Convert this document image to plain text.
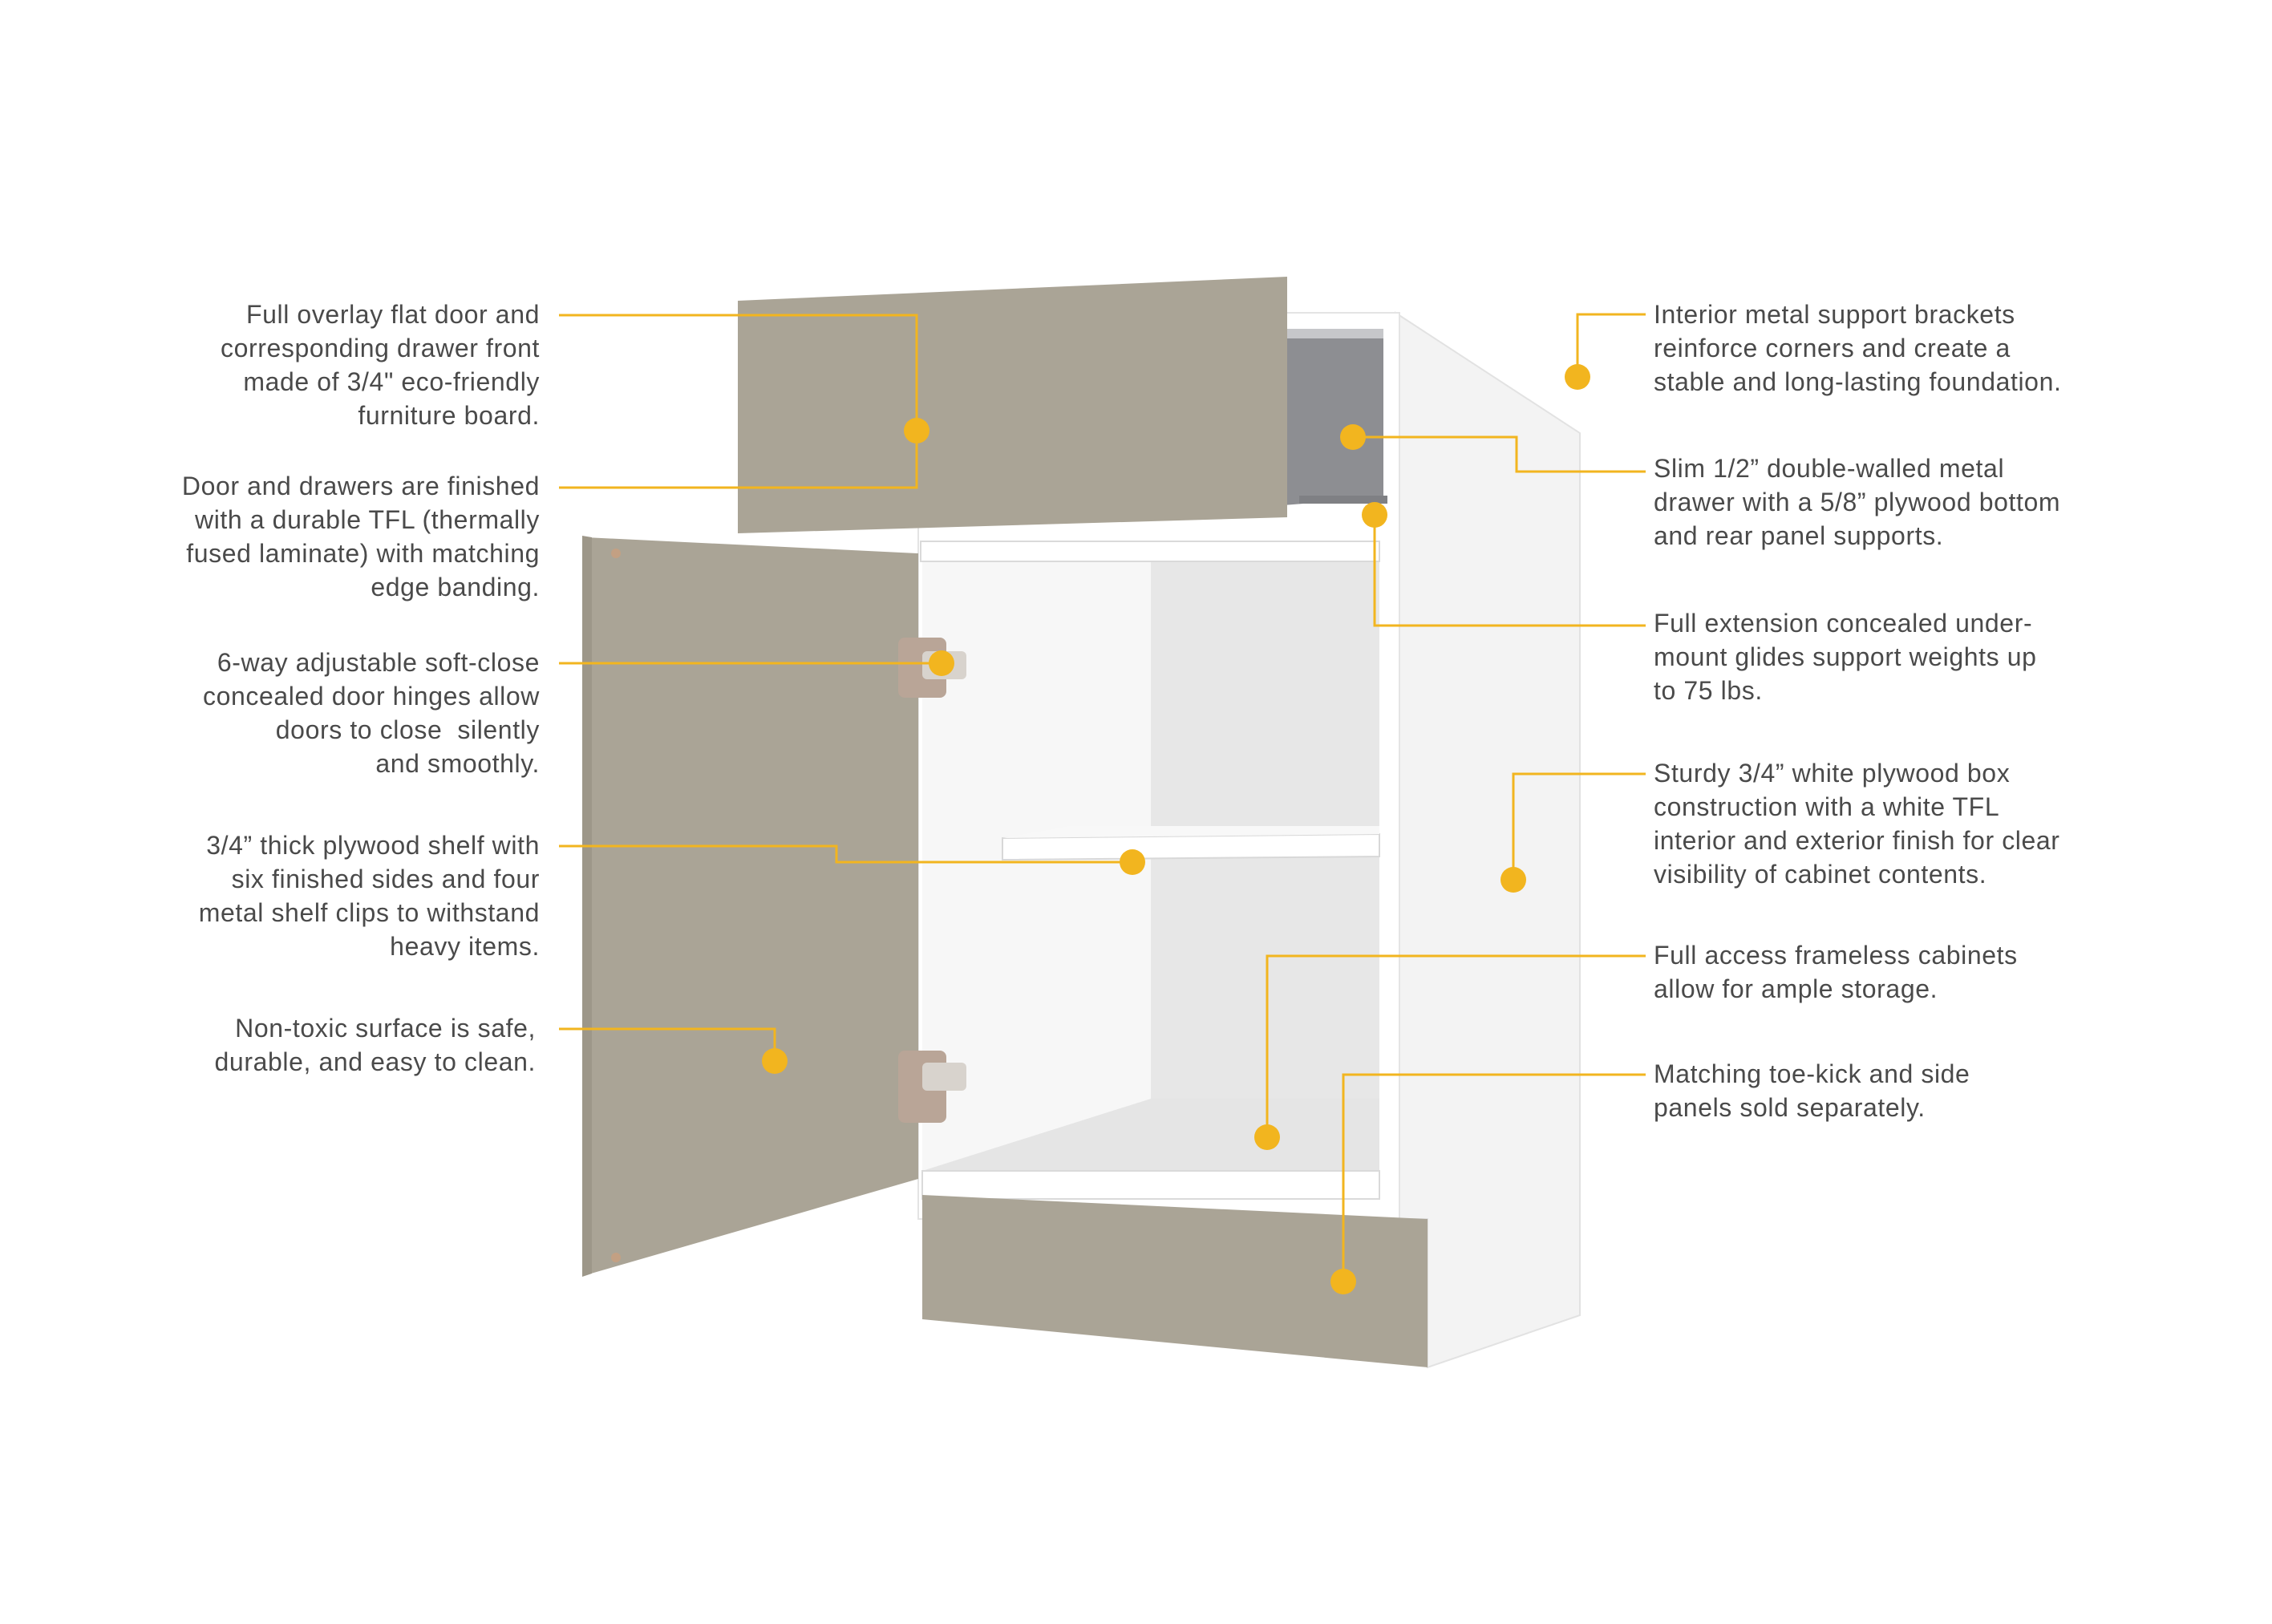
Full overlay flat door and
corresponding drawer front
made of 3/4" eco-friendly
furniture board.
Door and drawers are finished
with a durable TFL (thermally
fused laminate) with matching
edge banding.
6-way adjustable soft-close
concealed door hinges allow
doors to close  silently
and smoothly.
3/4” thick plywood shelf with
six finished sides and four
metal shelf clips to withstand
heavy items.
Non-toxic surface is safe,
durable, and easy to clean.
Interior metal support brackets
reinforce corners and create a
stable and long-lasting foundation.
Slim 1/2” double-walled metal
drawer with a 5/8” plywood bottom
and rear panel supports.
Full extension concealed under-
mount glides support weights up
to 75 lbs.
Sturdy 3/4” white plywood box
construction with a white TFL
interior and exterior finish for clear
visibility of cabinet contents.
Full access frameless cabinets
allow for ample storage.
Matching toe-kick and side
panels sold separately.
